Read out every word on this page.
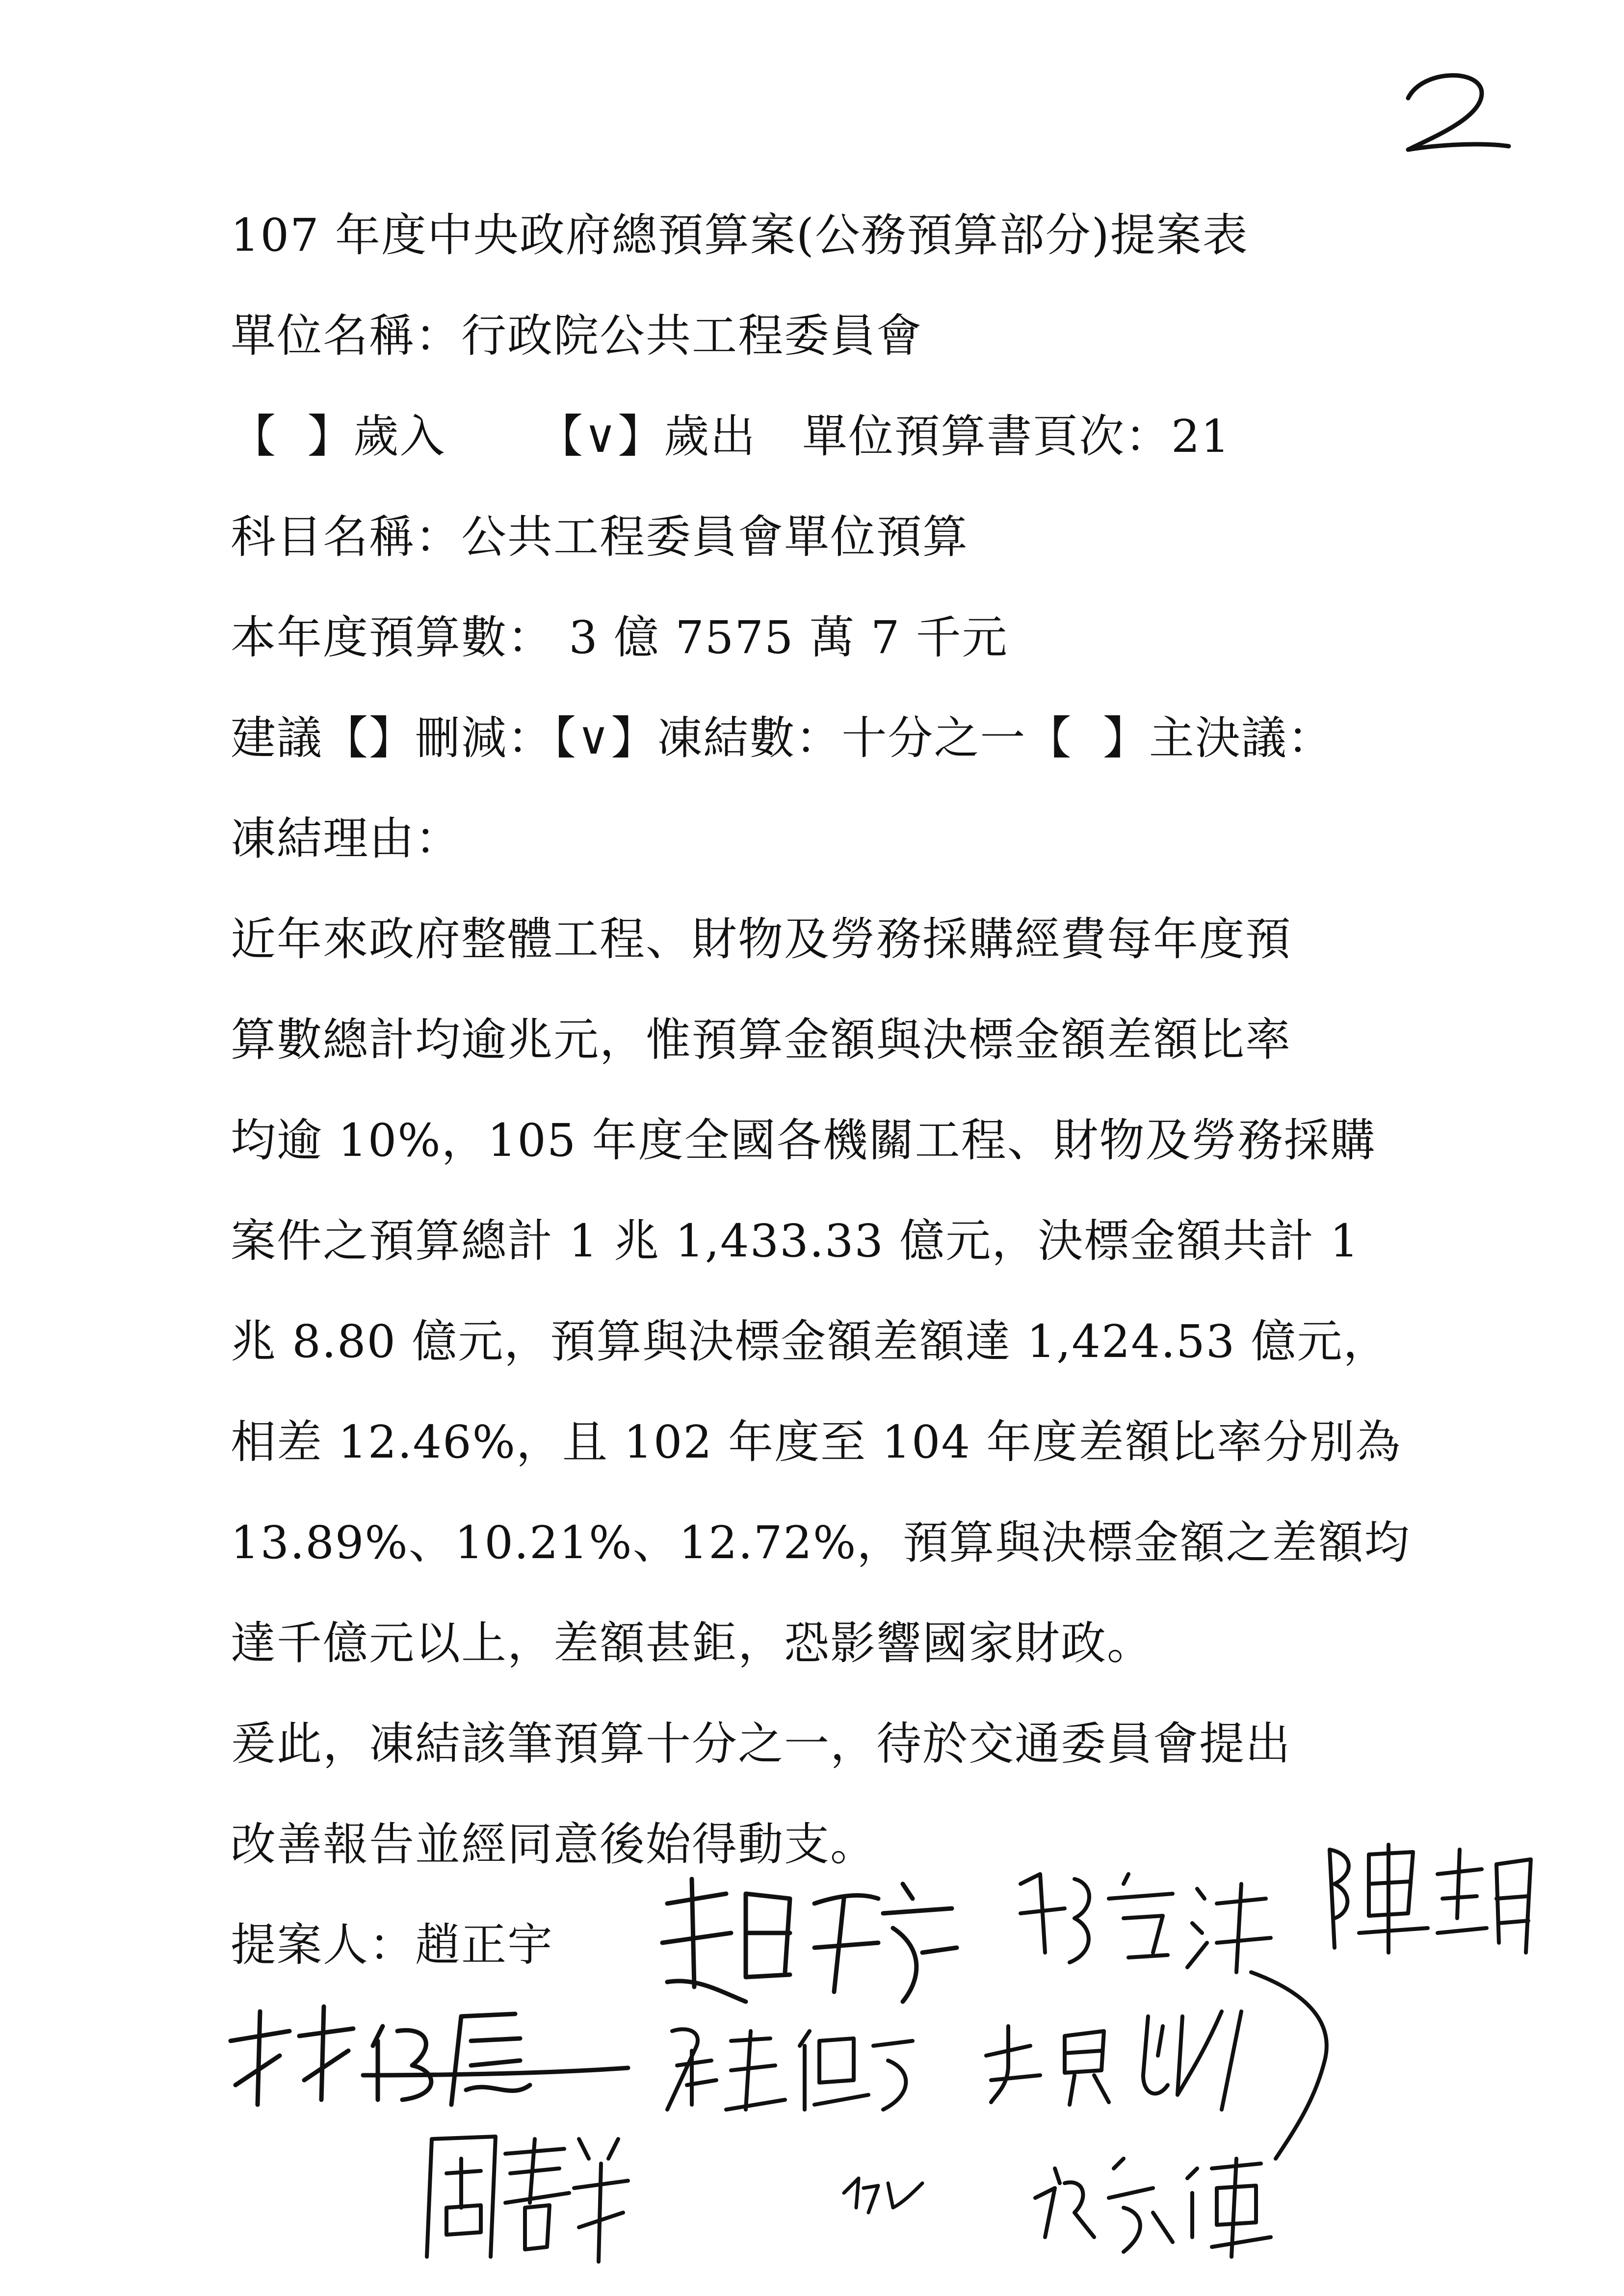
107 年度中央政府總預算案(公務預算部分)提案表
單位名稱：行政院公共工程委員會
【  】歲入      【∨】歲出   單位預算書頁次：21
科目名稱：公共工程委員會單位預算
本年度預算數： 3 億 7575 萬 7 千元
建議【】刪減：【∨】凍結數：十分之一【  】主決議：
凍結理由：
近年來政府整體工程、財物及勞務採購經費每年度預
算數總計均逾兆元，惟預算金額與決標金額差額比率
均逾 10%，105 年度全國各機關工程、財物及勞務採購
案件之預算總計 1 兆 1,433.33 億元，決標金額共計 1
兆 8.80 億元，預算與決標金額差額達 1,424.53 億元，
相差 12.46%，且 102 年度至 104 年度差額比率分別為
13.89%、10.21%、12.72%，預算與決標金額之差額均
達千億元以上，差額甚鉅，恐影響國家財政。
爰此，凍結該筆預算十分之一，待於交通委員會提出
改善報告並經同意後始得動支。
提案人：趙正宇
